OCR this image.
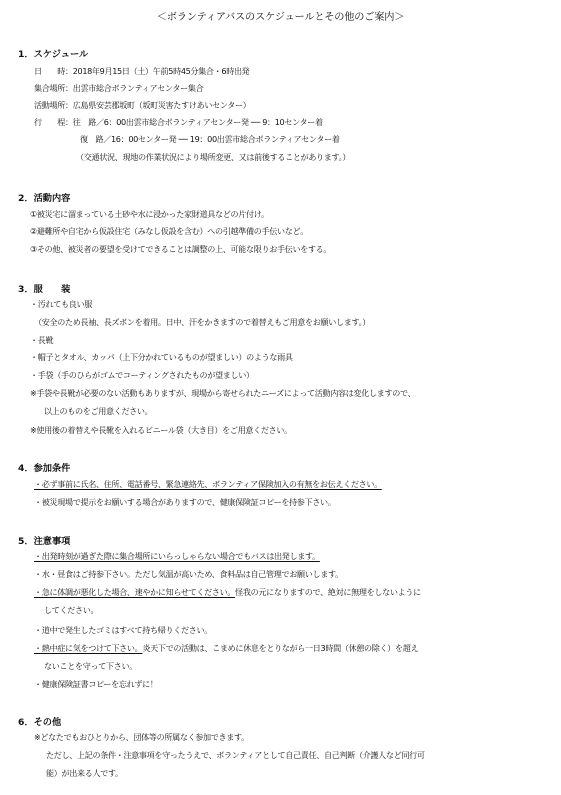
＜ボランティアバスのスケジュールとその他のご案内＞
1．スケジュール
日　　時：2018年9月15日（土）午前5時45分集合・6時出発
集合場所：出雲市総合ボランティアセンター集合
活動場所：広島県安芸郡坂町（坂町災害たすけあいセンター）
行　　程：往　路／6：00出雲市総合ボランティアセンター発 ── 9：10センター着
復　路／16：00センター発 ── 19：00出雲市総合ボランティアセンター着
（交通状況、現地の作業状況により場所変更、又は前後することがあります。）
2．活動内容
①被災宅に溜まっている土砂や水に浸かった家財道具などの片付け。
②避難所や自宅から仮設住宅（みなし仮設を含む）への引越準備の手伝いなど。
③その他、被災者の要望を受けてできることは調整の上、可能な限りお手伝いをする。
3．服　　装
・汚れても良い服
（安全のため長袖、長ズボンを着用。日中、汗をかきますので着替えもご用意をお願いします。）
・長靴
・帽子とタオル、カッパ（上下分かれているものが望ましい）のような雨具
・手袋（手のひらがゴムでコーティングされたものが望ましい）
※手袋や長靴が必要のない活動もありますが、現場から寄せられたニーズによって活動内容は変化しますので、
以上のものをご用意ください。
※使用後の着替えや長靴を入れるビニール袋（大き目）をご用意ください。
4．参加条件
・必ず事前に氏名、住所、電話番号、緊急連絡先、ボランティア保険加入の有無をお伝えください。
・被災現場で提示をお願いする場合がありますので、健康保険証コピーを持参下さい。
5．注意事項
・出発時刻が過ぎた際に集合場所にいらっしゃらない場合でもバスは出発します。
・水・昼食はご持参下さい。ただし気温が高いため、食料品は自己管理でお願いします。
・急に体調が悪化した場合、速やかに知らせてください。怪我の元になりますので、絶対に無理をしないように
してください。
・道中で発生したゴミはすべて持ち帰りください。
・熱中症に気をつけて下さい。炎天下での活動は、こまめに休息をとりながら一日3時間（休憩の除く）を超え
ないことを守って下さい。
・健康保険証書コピーを忘れずに！
6．その他
※どなたでもおひとりから、団体等の所属なく参加できます。
ただし、上記の条件・注意事項を守ったうえで、ボランティアとして自己責任、自己判断（介護人など同行可
能）が出来る人です。
